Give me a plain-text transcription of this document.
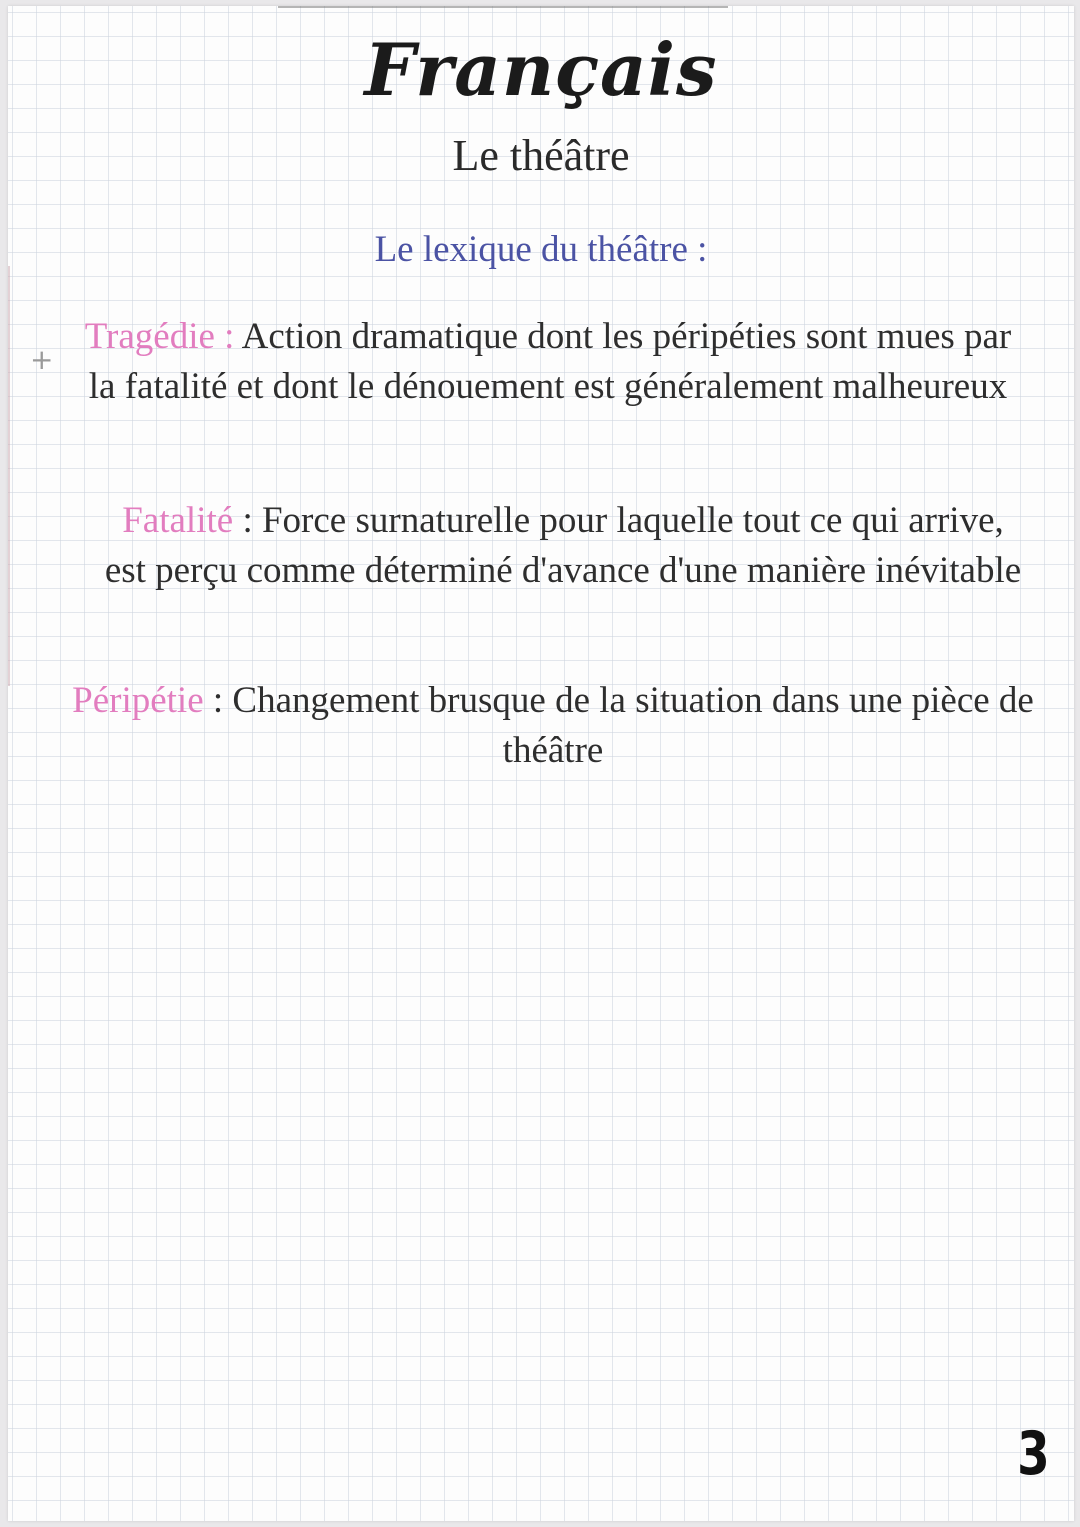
+
Français
Le théâtre
Le lexique du théâtre :
Tragédie : Action dramatique dont les péripéties sont mues par la fatalité et dont le dénouement est généralement malheureux
Fatalité : Force surnaturelle pour laquelle tout ce qui arrive, est perçu comme déterminé d'avance d'une manière inévitable
Péripétie : Changement brusque de la situation dans une pièce de théâtre
3
